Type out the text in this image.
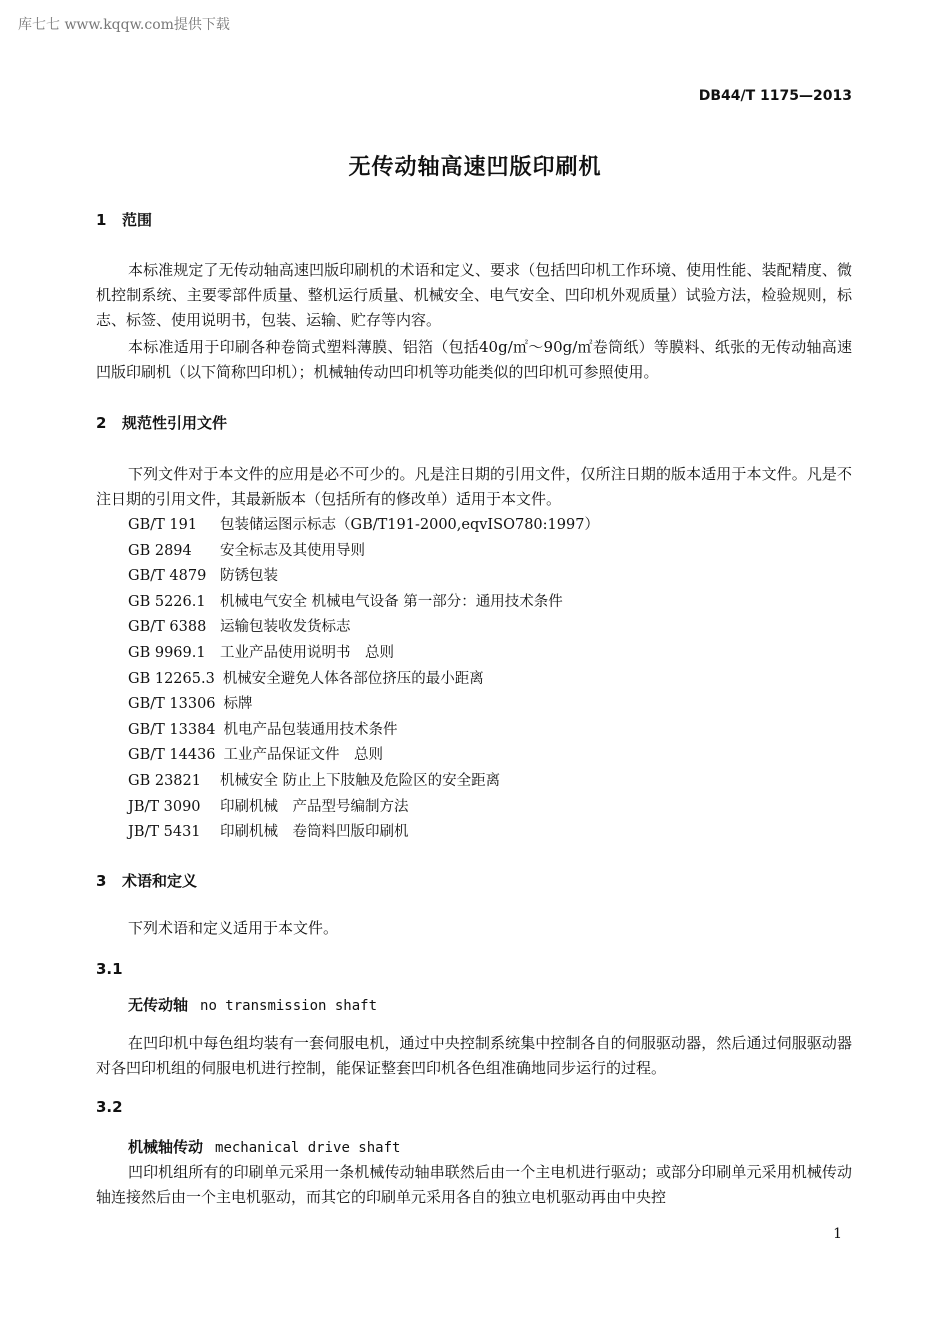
库七七 www.kqqw.com提供下载
DB44/T 1175—2013
无传动轴高速凹版印刷机
1 范围
本标准规定了无传动轴高速凹版印刷机的术语和定义、要求（包括凹印机工作环境、使用性能、装配精度、微机控制系统、主要零部件质量、整机运行质量、机械安全、电气安全、凹印机外观质量）试验方法，检验规则，标志、标签、使用说明书，包装、运输、贮存等内容。
本标准适用于印刷各种卷筒式塑料薄膜、铝箔（包括40g/㎡～90g/㎡卷筒纸）等膜料、纸张的无传动轴高速凹版印刷机（以下简称凹印机）；机械轴传动凹印机等功能类似的凹印机可参照使用。
2 规范性引用文件
下列文件对于本文件的应用是必不可少的。凡是注日期的引用文件，仅所注日期的版本适用于本文件。凡是不注日期的引用文件，其最新版本（包括所有的修改单）适用于本文件。
GB/T 191 包装储运图示标志（GB/T191-2000,eqvISO780:1997）
GB 2894 安全标志及其使用导则
GB/T 4879 防锈包装
GB 5226.1 机械电气安全 机械电气设备 第一部分：通用技术条件
GB/T 6388 运输包装收发货标志
GB 9969.1 工业产品使用说明书　总则
GB 12265.3 机械安全避免人体各部位挤压的最小距离
GB/T 13306 标牌
GB/T 13384 机电产品包装通用技术条件
GB/T 14436 工业产品保证文件　总则
GB 23821 机械安全 防止上下肢触及危险区的安全距离
JB/T 3090 印刷机械　产品型号编制方法
JB/T 5431 印刷机械　卷筒料凹版印刷机
3 术语和定义
下列术语和定义适用于本文件。
3.1
无传动轴 no transmission shaft
在凹印机中每色组均装有一套伺服电机，通过中央控制系统集中控制各自的伺服驱动器，然后通过伺服驱动器对各凹印机组的伺服电机进行控制，能保证整套凹印机各色组准确地同步运行的过程。
3.2
机械轴传动 mechanical drive shaft
凹印机组所有的印刷单元采用一条机械传动轴串联然后由一个主电机进行驱动；或部分印刷单元采用机械传动轴连接然后由一个主电机驱动，而其它的印刷单元采用各自的独立电机驱动再由中央控
1
